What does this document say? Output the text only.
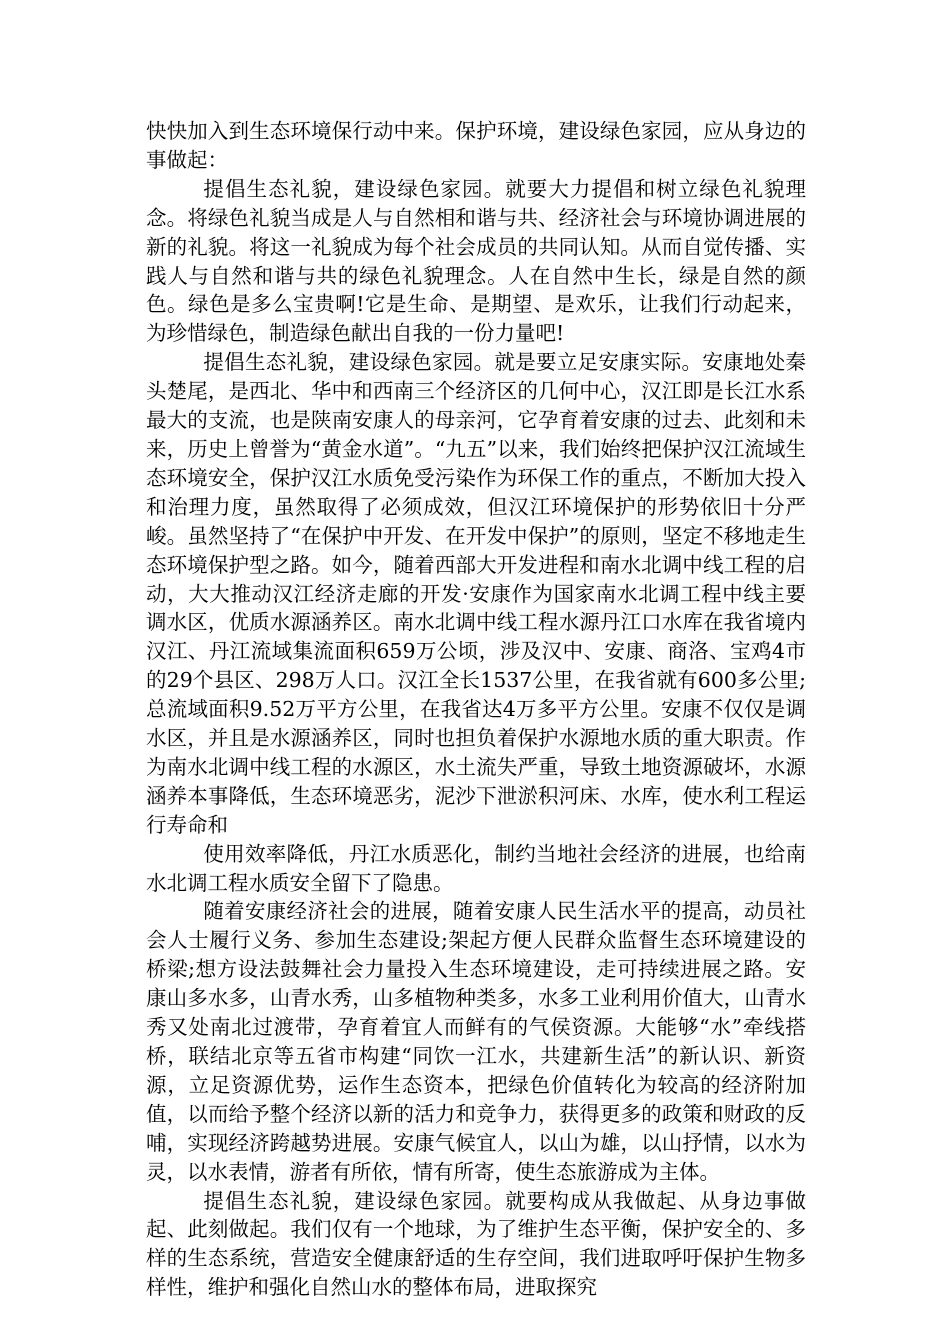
快快加入到生态环境保行动中来。保护环境，建设绿色家园，应从身边的事做起：

提倡生态礼貌，建设绿色家园。就要大力提倡和树立绿色礼貌理念。将绿色礼貌当成是人与自然相和谐与共、经济社会与环境协调进展的新的礼貌。将这一礼貌成为每个社会成员的共同认知。从而自觉传播、实践人与自然和谐与共的绿色礼貌理念。人在自然中生长，绿是自然的颜色。绿色是多么宝贵啊!它是生命、是期望、是欢乐，让我们行动起来，为珍惜绿色，制造绿色献出自我的一份力量吧!

提倡生态礼貌，建设绿色家园。就是要立足安康实际。安康地处秦头楚尾，是西北、华中和西南三个经济区的几何中心，汉江即是长江水系最大的支流，也是陕南安康人的母亲河，它孕育着安康的过去、此刻和未来，历史上曾誉为“黄金水道”。“九五”以来，我们始终把保护汉江流域生态环境安全，保护汉江水质免受污染作为环保工作的重点，不断加大投入和治理力度，虽然取得了必须成效，但汉江环境保护的形势依旧十分严峻。虽然坚持了“在保护中开发、在开发中保护”的原则，坚定不移地走生态环境保护型之路。如今，随着西部大开发进程和南水北调中线工程的启动，大大推动汉江经济走廊的开发·安康作为国家南水北调工程中线主要调水区，优质水源涵养区。南水北调中线工程水源丹江口水库在我省境内汉江、丹江流域集流面积659万公顷，涉及汉中、安康、商洛、宝鸡4市的29个县区、298万人口。汉江全长1537公里，在我省就有600多公里;总流域面积9.52万平方公里，在我省达4万多平方公里。安康不仅仅是调水区，并且是水源涵养区，同时也担负着保护水源地水质的重大职责。作为南水北调中线工程的水源区，水土流失严重，导致土地资源破坏，水源涵养本事降低，生态环境恶劣，泥沙下泄淤积河床、水库，使水利工程运行寿命和

使用效率降低，丹江水质恶化，制约当地社会经济的进展，也给南水北调工程水质安全留下了隐患。

随着安康经济社会的进展，随着安康人民生活水平的提高，动员社会人士履行义务、参加生态建设;架起方便人民群众监督生态环境建设的桥梁;想方设法鼓舞社会力量投入生态环境建设，走可持续进展之路。安康山多水多，山青水秀，山多植物种类多，水多工业利用价值大，山青水秀又处南北过渡带，孕育着宜人而鲜有的气侯资源。大能够“水”牵线搭桥，联结北京等五省市构建“同饮一江水，共建新生活”的新认识、新资源，立足资源优势，运作生态资本，把绿色价值转化为较高的经济附加值，以而给予整个经济以新的活力和竞争力，获得更多的政策和财政的反哺，实现经济跨越势进展。安康气候宜人，以山为雄，以山抒情，以水为灵，以水表情，游者有所依，情有所寄，使生态旅游成为主体。

提倡生态礼貌，建设绿色家园。就要构成从我做起、从身边事做起、此刻做起。我们仅有一个地球，为了维护生态平衡，保护安全的、多样的生态系统，营造安全健康舒适的生存空间，我们进取呼吁保护生物多样性，维护和强化自然山水的整体布局，进取探究
